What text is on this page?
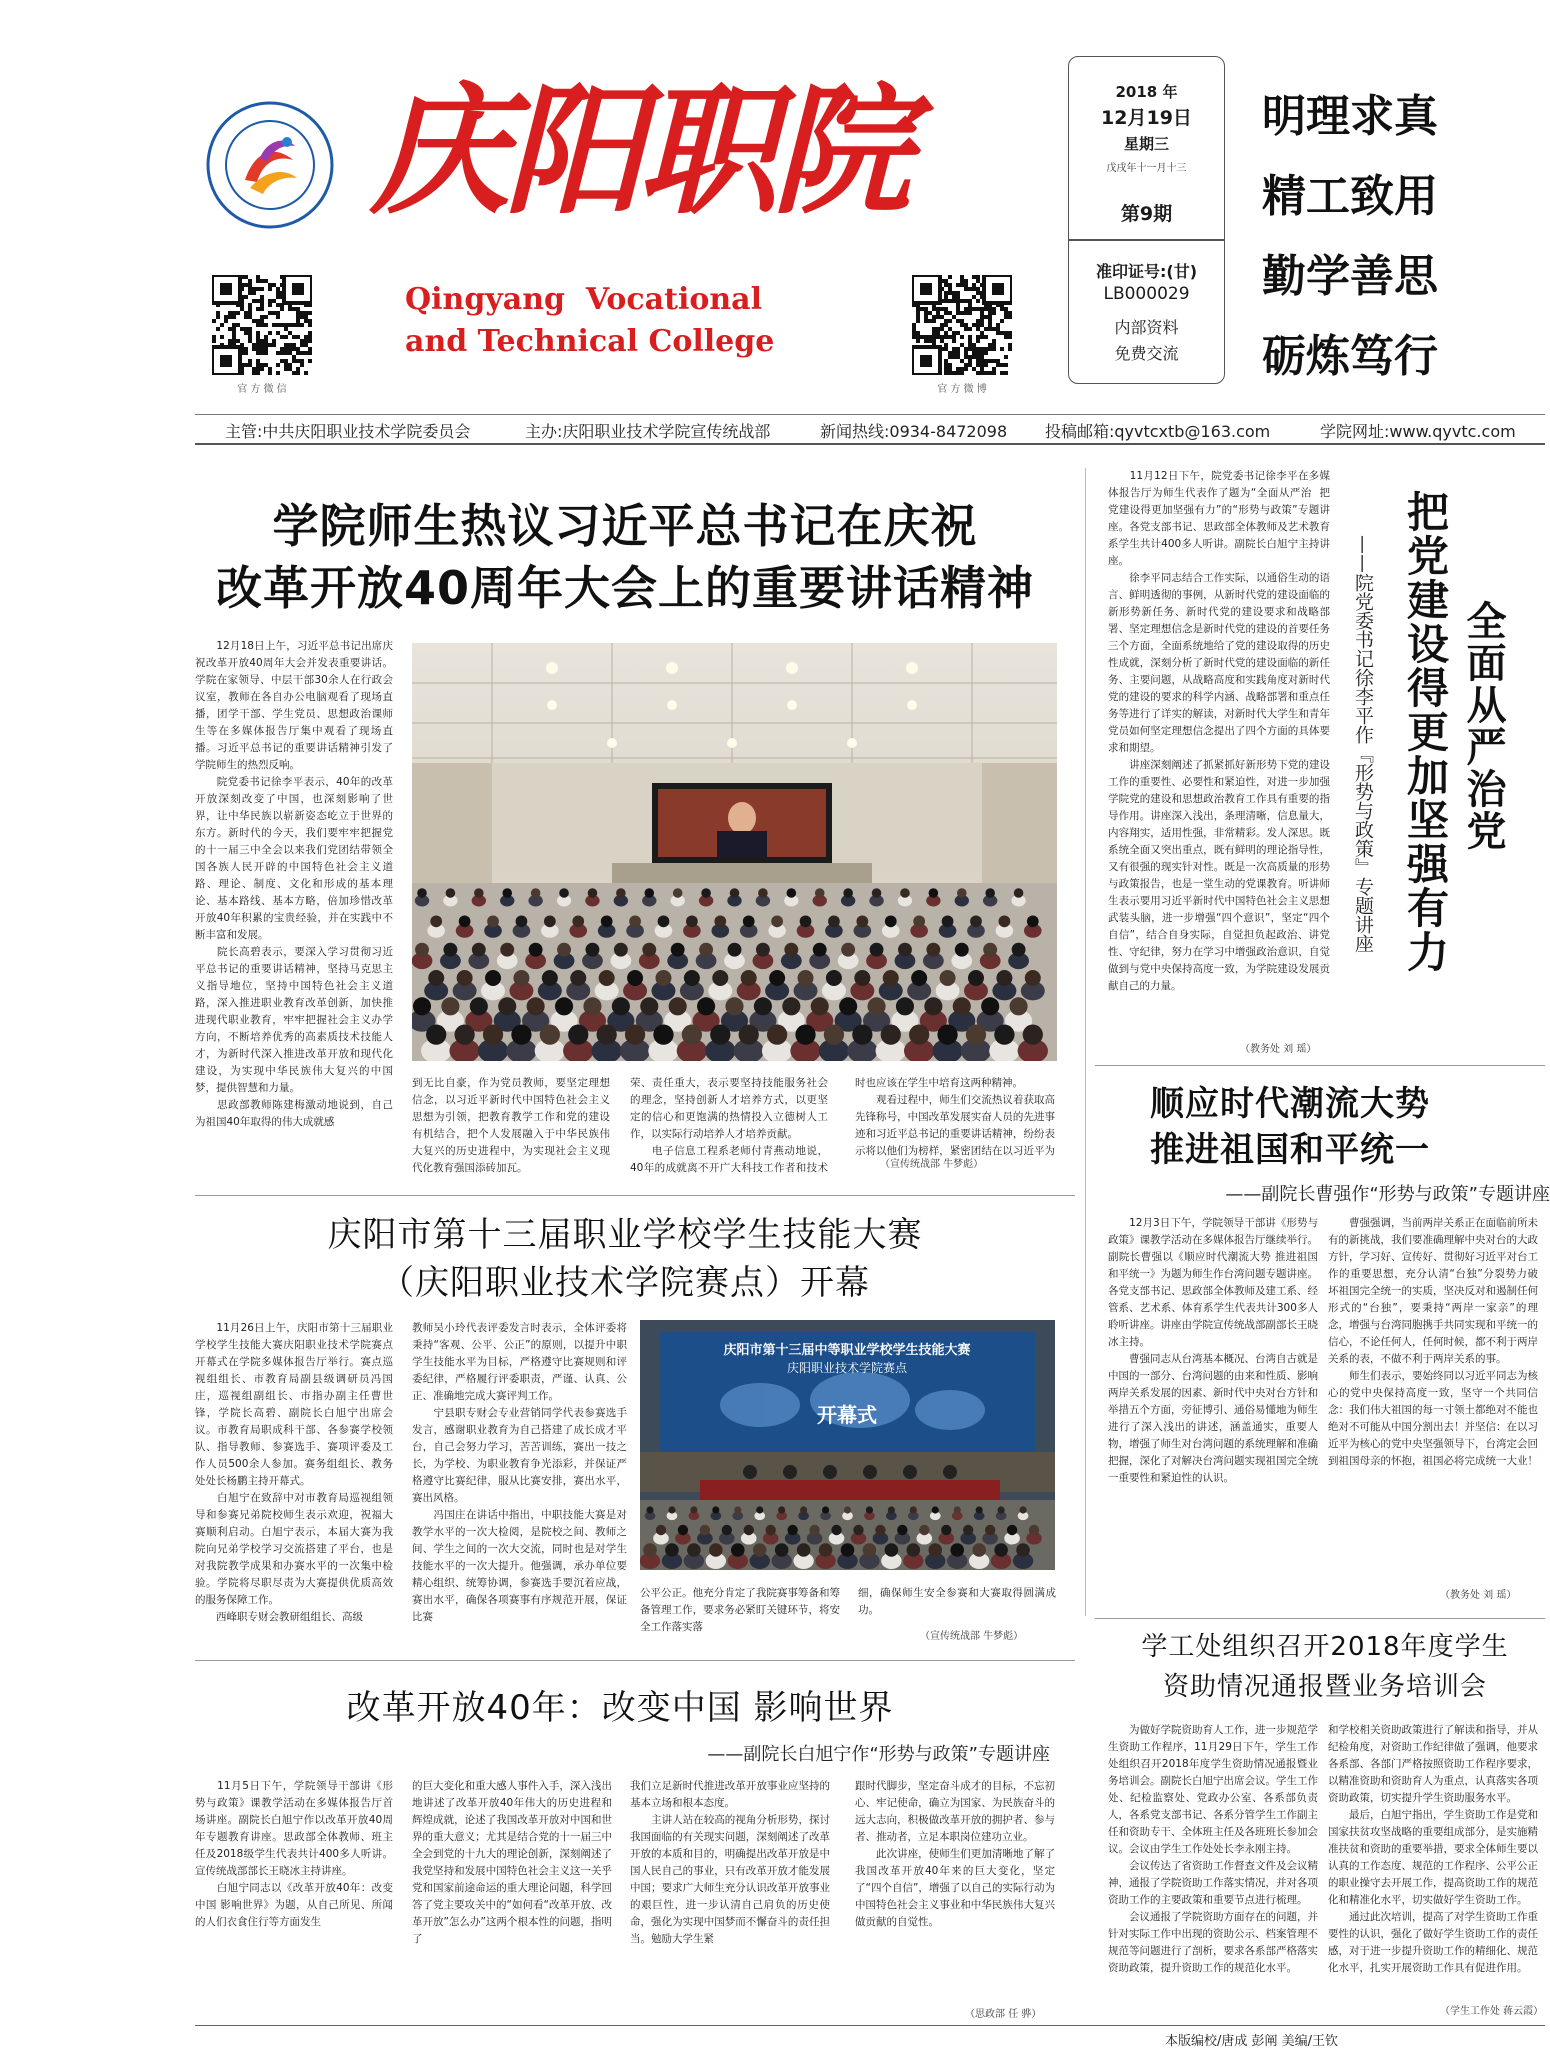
庆阳职院
Qingyang  Vocational
and Technical College
官 方 微 信	官 方 微 博
2018 年
12月19日
星期三
戊戌年十一月十三
第9期
准印证号:(甘)
LB000029
内部资料
免费交流
明理求真
精工致用
勤学善思
砺炼笃行
主管:中共庆阳职业技术学院委员会	主办:庆阳职业技术学院宣传统战部	新闻热线:0934-8472098 投稿邮箱:qyvtcxtb@163.com	学院网址:www.qyvtc.com
学院师生热议习近平总书记在庆祝
改革开放40周年大会上的重要讲话精神
　　12月18日上午，习近平总书记出席庆祝改革开放40周年大会并发表重要讲话。学院在家领导、中层干部30余人在行政会议室，教师在各自办公电脑观看了现场直播，团学干部、学生党员、思想政治课师生等在多媒体报告厅集中观看了现场直播。习近平总书记的重要讲话精神引发了学院师生的热烈反响。
　　院党委书记徐李平表示，40年的改革开放深刻改变了中国，也深刻影响了世界，让中华民族以崭新姿态屹立于世界的东方。新时代的今天，我们要牢牢把握党的十一届三中全会以来我们党团结带领全国各族人民开辟的中国特色社会主义道路、理论、制度、文化和形成的基本理论、基本路线、基本方略，倍加珍惜改革开放40年积累的宝贵经验，并在实践中不断丰富和发展。
　　院长高碧表示，要深入学习贯彻习近平总书记的重要讲话精神，坚持马克思主义指导地位，坚持中国特色社会主义道路，深入推进职业教育改革创新，加快推进现代职业教育，牢牢把握社会主义办学方向，不断培养优秀的高素质技术技能人才，为新时代深入推进改革开放和现代化建设，为实现中华民族伟大复兴的中国梦，提供智慧和力量。
　　思政部教师陈建梅激动地说到，自己为祖国40年取得的伟大成就感
到无比自豪，作为党员教师，要坚定理想信念，以习近平新时代中国特色社会主义思想为引领，把教育教学工作和党的建设有机结合，把个人发展融入于中华民族伟大复兴的历史进程中，为实现社会主义现代化教育强国添砖加瓦。

荣、责任重大，表示要坚持技能服务社会的理念，坚持创新人才培养方式，以更坚定的信心和更饱满的热情投入立德树人工作，以实际行动培养人才培养贡献。
　　电子信息工程系老师付青燕动地说，40年的成就离不开广大科技工作者和技术
时也应该在学生中培育这两种精神。
　　观看过程中，师生们交流热议着获取高先锋称号，中国改革发展实奋人员的先进事迹和习近平总书记的重要讲话精神，纷纷表示将以他们为榜样，紧密团结在以习近平为
（宣传统战部 牛梦彪）
　　11月12日下午，院党委书记徐李平在多媒体报告厅为师生代表作了题为“全面从严治  把党建设得更加坚强有力”的“形势与政策”专题讲座。各党支部书记、思政部全体教师及艺术教育系学生共计400多人听讲。副院长白旭宁主持讲座。
　　徐李平同志结合工作实际，以通俗生动的语言、鲜明透彻的事例，从新时代党的建设面临的新形势新任务、新时代党的建设要求和战略部署、坚定理想信念是新时代党的建设的首要任务三个方面，全面系统地给了党的建设取得的历史性成就，深刻分析了新时代党的建设面临的新任务、主要问题，从战略高度和实践角度对新时代党的建设的要求的科学内涵、战略部署和重点任务等进行了详实的解读，对新时代大学生和青年党员如何坚定理想信念提出了四个方面的具体要求和期望。
　　讲座深刻阐述了抓紧抓好新形势下党的建设工作的重要性、必要性和紧迫性，对进一步加强学院党的建设和思想政治教育工作具有重要的指导作用。讲座深入浅出，条理清晰，信息量大，内容翔实，适用性强，非常精彩。发人深思。既系统全面又突出重点，既有鲜明的理论指导性，又有很强的现实针对性。既是一次高质量的形势与政策报告，也是一堂生动的党课教育。听讲师生表示要用习近平新时代中国特色社会主义思想武装头脑，进一步增强“四个意识”，坚定“四个自信”，结合自身实际，自觉担负起政治、讲党性、守纪律，努力在学习中增强政治意识，自觉做到与党中央保持高度一致，为学院建设发展贡献自己的力量。
把党建设得更加坚强有力 全面从严治党
——院党委书记徐李平作『形势与政策』专题讲座
（教务处 刘 瑶）
顺应时代潮流大势
推进祖国和平统一
——副院长曹强作“形势与政策”专题讲座
　　12月3日下午，学院领导干部讲《形势与政策》课教学活动在多媒体报告厅继续举行。副院长曹强以《顺应时代潮流大势 推进祖国和平统一》为题为师生作台湾问题专题讲座。各党支部书记、思政部全体教师及建工系、经管系、艺术系、体育系学生代表共计300多人聆听讲座。讲座由学院宣传统战部副部长王晓冰主持。
　　曹强同志从台湾基本概况、台湾自古就是中国的一部分、台湾问题的由来和性质、影响两岸关系发展的因素、新时代中央对台方针和举措五个方面，旁征博引、通俗易懂地为师生进行了深入浅出的讲述，涵盖通实，重要人物，增强了师生对台湾问题的系统理解和准确把握，深化了对解决台湾问题实现祖国完全统一重要性和紧迫性的认识。
　　曹强强调，当前两岸关系正在面临前所未有的新挑战，我们要准确理解中央对台的大政方针，学习好、宣传好、贯彻好习近平对台工作的重要思想，充分认清“台独”分裂势力破坏祖国完全统一的实质，坚决反对和遏制任何形式的“台独”，要秉持“两岸一家亲”的理念，增强与台湾同胞携手共同实现和平统一的信心，不论任何人，任何时候，都不利于两岸关系的表，不做不利于两岸关系的事。
　　师生们表示，要始终同以习近平同志为核心的党中央保持高度一致，坚守一个共同信念：我们伟大祖国的每一寸领土都绝对不能也绝对不可能从中国分割出去！并坚信：在以习近平为核心的党中央坚强领导下，台湾定会回到祖国母亲的怀抱，祖国必将完成统一大业！
（教务处 刘 瑶）
庆阳市第十三届职业学校学生技能大赛
（庆阳职业技术学院赛点）开幕
　　11月26日上午，庆阳市第十三届职业学校学生技能大赛庆阳职业技术学院赛点开幕式在学院多媒体报告厅举行。赛点巡视组组长、市教育局副县级调研员冯国庄，巡视组副组长、市指办副主任曹世锋，学院长高碧、副院长白旭宁出席会议。市教育局职成科干部、各参赛学校领队、指导教师、参赛选手、赛项评委及工作人员500余人参加。赛务组组长、教务处处长杨鹏主持开幕式。
　　白旭宁在致辞中对市教育局巡视组领导和参赛兄弟院校师生表示欢迎，祝福大赛顺利启动。白旭宁表示，本届大赛为我院向兄弟学校学习交流搭建了平台，也是对我院教学成果和办赛水平的一次集中检验。学院将尽职尽责为大赛提供优质高效的服务保障工作。
　　西峰职专财会教研组组长、高级
教师吴小玲代表评委发言时表示，全体评委将秉持“客观、公平、公正”的原则，以提升中职学生技能水平为目标，严格遵守比赛规则和评委纪律，严格履行评委职责，严谨、认真、公正、准确地完成大赛评判工作。
　　宁县职专财会专业营销同学代表参赛选手发言，感谢职业教育为自己搭建了成长成才平台，自己会努力学习，苦苦训练，赛出一技之长，为学校、为职业教育争光添彩，并保证严格遵守比赛纪律，服从比赛安排，赛出水平，赛出风格。
　　冯国庄在讲话中指出，中职技能大赛是对教学水平的一次大检阅，是院校之间、教师之间、学生之间的一次大交流，同时也是对学生技能水平的一次大提升。他强调，承办单位要精心组织、统筹协调，参赛选手要沉着应战，赛出水平，确保各项赛事有序规范开展，保证比赛
庆阳市第十三届中等职业学校学生技能大赛
庆阳职业技术学院赛点
开幕式
公平公正。他充分肯定了我院赛事筹备和筹备管理工作，要求务必紧盯关键环节，将安全工作落实落
细，确保师生安全参赛和大赛取得圆满成功。
（宣传统战部 牛梦彪）	学工处组织召开2018年度学生
资助情况通报暨业务培训会
　　为做好学院资助育人工作，进一步规范学生资助工作程序，11月29日下午，学生工作处组织召开2018年度学生资助情况通报暨业务培训会。副院长白旭宁出席会议。学生工作处、纪检监察处、党政办公室、各系部负责人，各系党支部书记、各系分管学生工作副主任和资助专干、全体班主任及各班班长参加会议。会议由学生工作处处长李永刚主持。
　　会议传达了省资助工作督查文件及会议精神，通报了学院资助工作落实情况，并对各项资助工作的主要政策和重要节点进行梳理。
　　会议通报了学院资助方面存在的问题，并针对实际工作中出现的资助公示、档案管理不规范等问题进行了剖析，要求各系部严格落实资助政策，提升资助工作的规范化水平。
和学校相关资助政策进行了解读和指导，并从纪检角度，对资助工作纪律做了强调，他要求各系部、各部门严格按照资助工作程序要求，以精准资助和资助育人为重点，认真落实各项资助政策，切实提升学生资助服务水平。
　　最后，白旭宁指出，学生资助工作是党和国家扶贫攻坚战略的重要组成部分，是实施精准扶贫和资助的重要举措，要求全体师生要以认真的工作态度、规范的工作程序、公平公正的职业操守去开展工作，提高资助工作的规范化和精准化水平，切实做好学生资助工作。
　　通过此次培训，提高了对学生资助工作重要性的认识，强化了做好学生资助工作的责任感，对于进一步提升资助工作的精细化、规范化水平，扎实开展资助工作具有促进作用。
（学生工作处 蒋云霞）
改革开放40年：改变中国 影响世界
——副院长白旭宁作“形势与政策”专题讲座
　　11月5日下午，学院领导干部讲《形势与政策》课教学活动在多媒体报告厅首场讲座。副院长白旭宁作以改革开放40周年专题教育讲座。思政部全体教师、班主任及2018级学生代表共计400多人听讲。宣传统战部部长王晓冰主持讲座。
　　白旭宁同志以《改革开放40年：改变中国 影响世界》为题，从自己所见、所闻的人们衣食住行等方面发生
的巨大变化和重大感人事件入手，深入浅出地讲述了改革开放40年伟大的历史进程和辉煌成就，论述了我国改革开放对中国和世界的重大意义；尤其是结合党的十一届三中全会到党的十九大的理论创新，深刻阐述了我党坚持和发展中国特色社会主义这一关乎党和国家前途命运的重大理论问题，科学回答了党主要攻关中的“如何看“改革开放、改革开放”怎么办”这两个根本性的问题，指明了
我们立足新时代推进改革开放事业应坚持的基本立场和根本态度。
　　主讲人站在较高的视角分析形势，探讨我国面临的有关现实问题，深刻阐述了改革开放的本质和目的，明确提出改革开放是中国人民自己的事业，只有改革开放才能发展中国；要求广大师生充分认识改革开放事业的艰巨性，进一步认清自己肩负的历史使命，强化为实现中国梦而不懈奋斗的责任担当。勉励大学生紧
跟时代脚步，坚定奋斗成才的目标，不忘初心、牢记使命，确立为国家、为民族奋斗的远大志向，积极做改革开放的拥护者、参与者、推动者，立足本职岗位建功立业。
　　此次讲座，使师生们更加清晰地了解了我国改革开放40年来的巨大变化，坚定了“四个自信”，增强了以自己的实际行动为中国特色社会主义事业和中华民族伟大复兴做贡献的自觉性。
（思政部 任 骅）
本版编校/唐成 彭阐 美编/王钦
